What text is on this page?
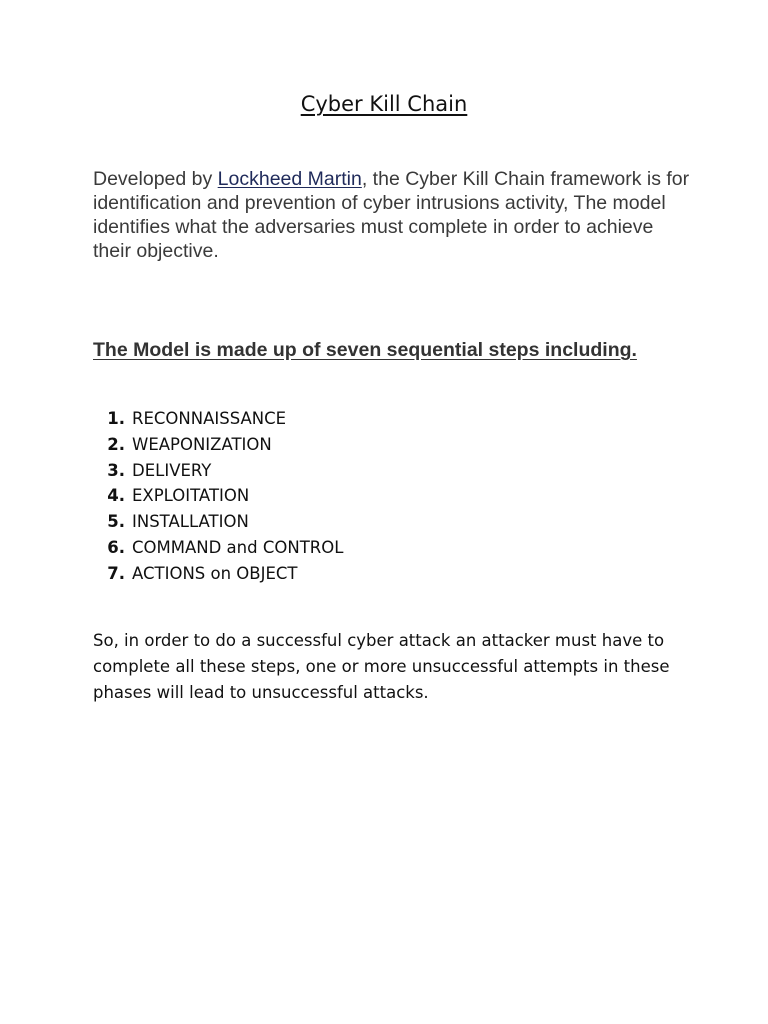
Cyber Kill Chain

Developed by Lockheed Martin, the Cyber Kill Chain framework is for identification and prevention of cyber intrusions activity, The model identifies what the adversaries must complete in order to achieve their objective.

The Model is made up of seven sequential steps including.
1. RECONNAISSANCE
2. WEAPONIZATION
3. DELIVERY
4. EXPLOITATION
5. INSTALLATION
6. COMMAND and CONTROL
7. ACTIONS on OBJECT

So, in order to do a successful cyber attack an attacker must have to complete all these steps, one or more unsuccessful attempts in these phases will lead to unsuccessful attacks.
